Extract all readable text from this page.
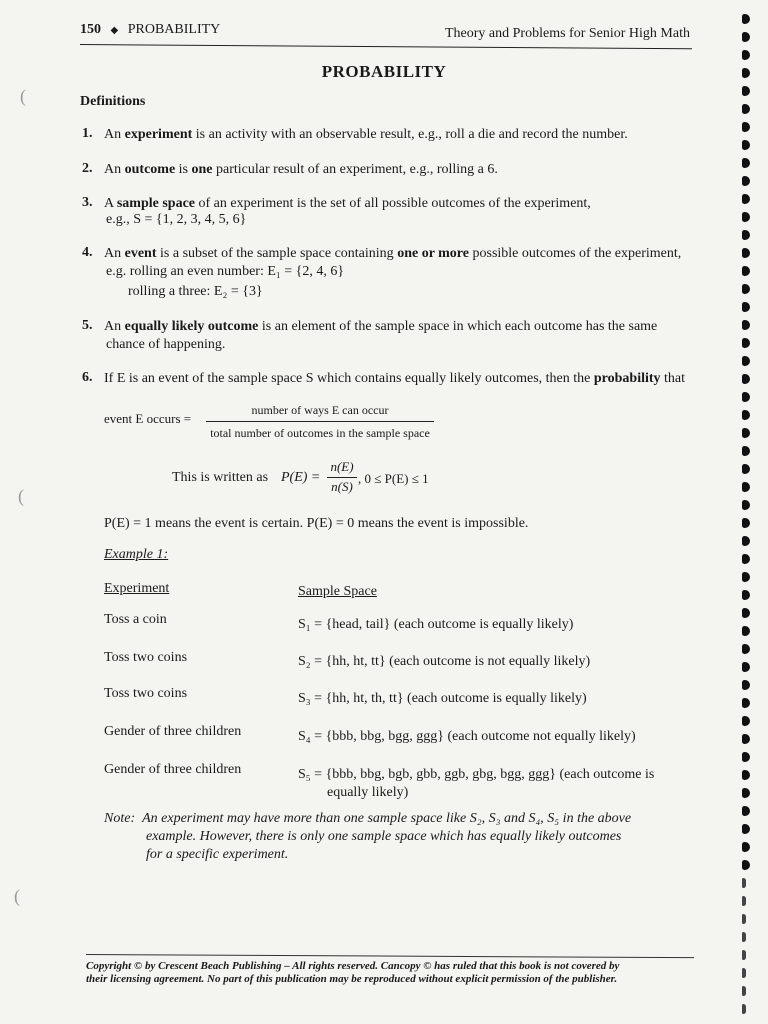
150 ◆ PROBABILITY	Theory and Problems for Senior High Math
PROBABILITY
Definitions
1. An experiment is an activity with an observable result, e.g., roll a die and record the number.
2. An outcome is one particular result of an experiment, e.g., rolling a 6.
3. A sample space of an experiment is the set of all possible outcomes of the experiment,
e.g., S = {1, 2, 3, 4, 5, 6}
4. An event is a subset of the sample space containing one or more possible outcomes of the experiment,
e.g. rolling an even number: E₁ = {2, 4, 6}
rolling a three: E₂ = {3}
5. An equally likely outcome is an element of the sample space in which each outcome has the same
chance of happening.
6. If E is an event of the sample space S which contains equally likely outcomes, then the probability that
event E occurs =
number of ways E can occur
total number of outcomes in the sample space
This is written as P(E) =
n(E)
n(S)
, 0 ≤ P(E) ≤ 1
P(E) = 1 means the event is certain. P(E) = 0 means the event is impossible.
Example 1:
Experiment	Sample Space
Toss a coin	S₁ = {head, tail} (each outcome is equally likely)
Toss two coins	S₂ = {hh, ht, tt} (each outcome is not equally likely)
Toss two coins	S₃ = {hh, ht, th, tt} (each outcome is equally likely)
Gender of three children	S₄ = {bbb, bbg, bgg, ggg} (each outcome not equally likely)
Gender of three children	S₅ = {bbb, bbg, bgb, gbb, ggb, gbg, bgg, ggg} (each outcome is
equally likely)
Note: An experiment may have more than one sample space like S₂, S₃ and S₄, S₅ in the above
example. However, there is only one sample space which has equally likely outcomes
for a specific experiment.
Copyright © by Crescent Beach Publishing – All rights reserved. Cancopy © has ruled that this book is not covered by
their licensing agreement. No part of this publication may be reproduced without explicit permission of the publisher.
(
(
(
